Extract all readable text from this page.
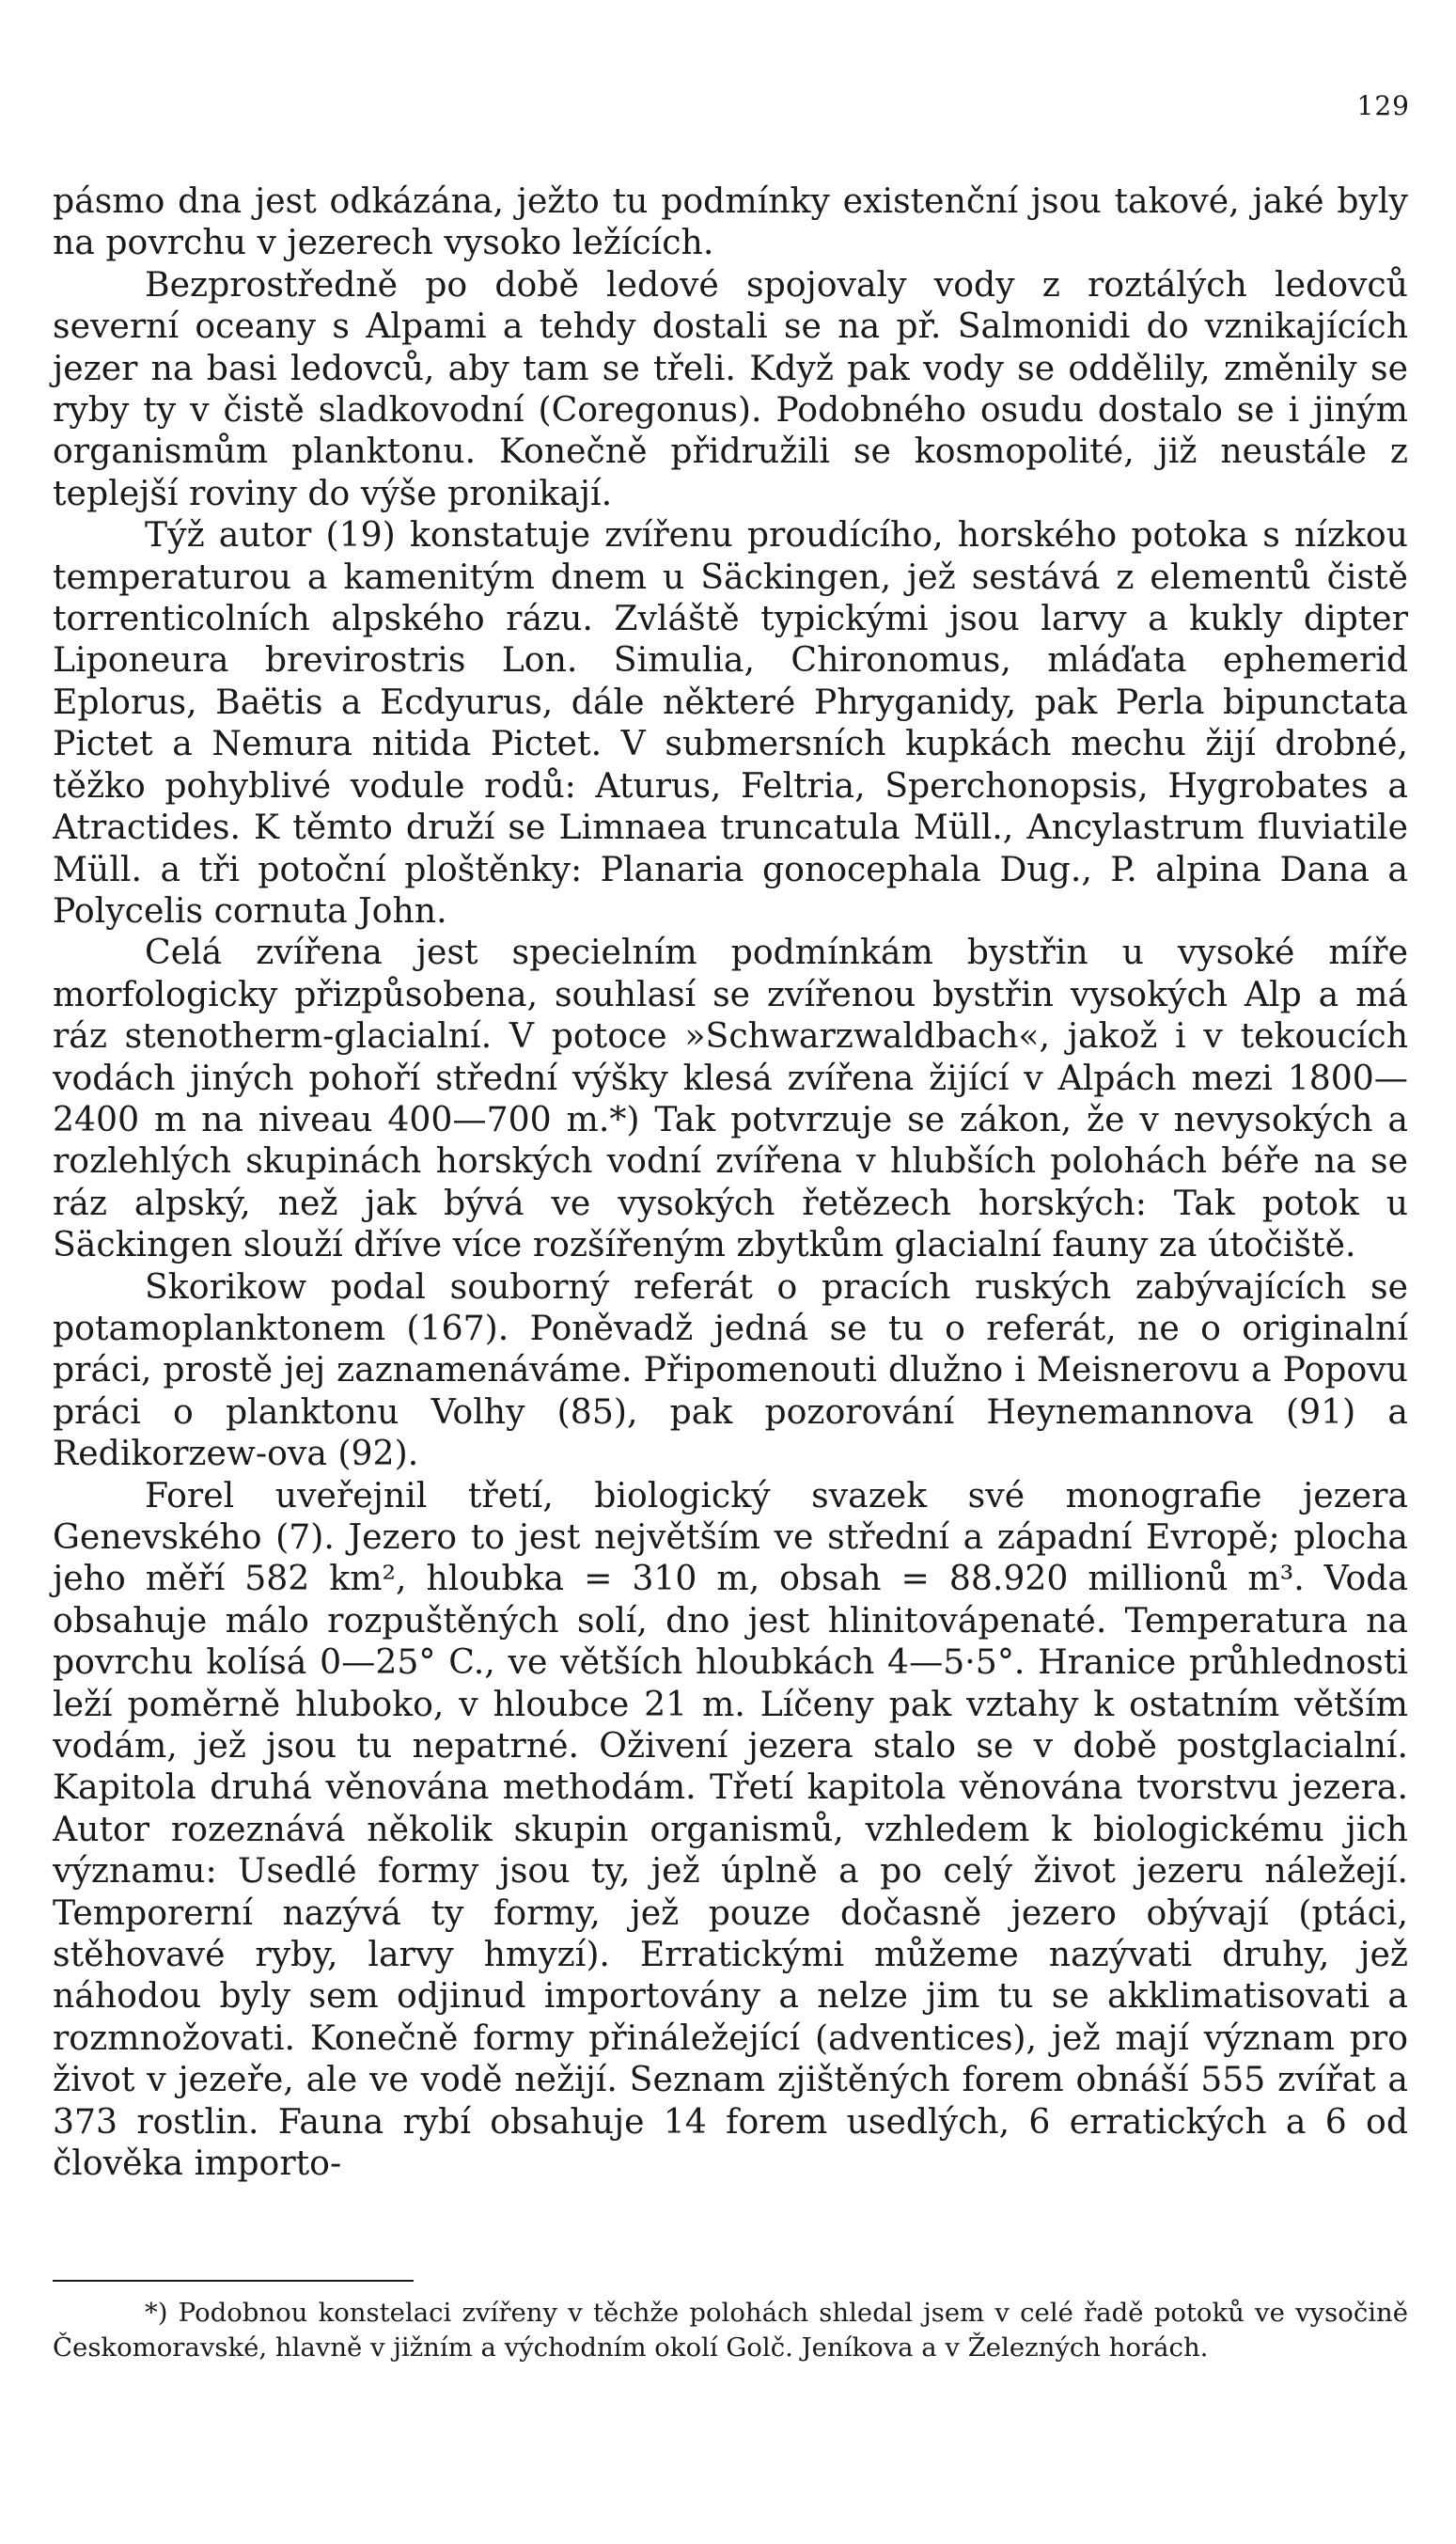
129

pásmo dna jest odkázána, ježto tu podmínky existenční jsou takové, jaké byly na povrchu v jezerech vysoko ležících.

Bezprostředně po době ledové spojovaly vody z roztálých ledovců severní oceany s Alpami a tehdy dostali se na př. Salmonidi do vznikajících jezer na basi ledovců, aby tam se třeli. Když pak vody se oddělily, změnily se ryby ty v čistě sladkovodní (Coregonus). Podobného osudu dostalo se i jiným organismům planktonu. Konečně přidružili se kosmopolité, již neustále z teplejší roviny do výše pronikají.

Týž autor (19) konstatuje zvířenu proudícího, horského potoka s nízkou temperaturou a kamenitým dnem u Säckingen, jež sestává z elementů čistě torrenticolních alpského rázu. Zvláště typickými jsou larvy a kukly dipter Liponeura brevirostris Lon. Simulia, Chironomus, mláďata ephemerid Eplorus, Baëtis a Ecdyurus, dále některé Phryganidy, pak Perla bipunctata Pictet a Nemura nitida Pictet. V submersních kupkách mechu žijí drobné, těžko pohyblivé vodule rodů: Aturus, Feltria, Sperchonopsis, Hygrobates a Atractides. K těmto druží se Limnaea truncatula Müll., Ancylastrum fluviatile Müll. a tři potoční ploštěnky: Planaria gonocephala Dug., P. alpina Dana a Polycelis cornuta John.

Celá zvířena jest specielním podmínkám bystřin u vysoké míře morfologicky přizpůsobena, souhlasí se zvířenou bystřin vysokých Alp a má ráz stenotherm-glacialní. V potoce »Schwarzwaldbach«, jakož i v tekoucích vodách jiných pohoří střední výšky klesá zvířena žijící v Alpách mezi 1800—2400 m na niveau 400—700 m.*) Tak potvrzuje se zákon, že v nevysokých a rozlehlých skupinách horských vodní zvířena v hlubších polohách béře na se ráz alpský, než jak bývá ve vysokých řetězech horských: Tak potok u Säckingen slouží dříve více rozšířeným zbytkům glacialní fauny za útočiště.

Skorikow podal souborný referát o pracích ruských zabývajících se potamoplanktonem (167). Poněvadž jedná se tu o referát, ne o originalní práci, prostě jej zaznamenáváme. Připomenouti dlužno i Meisnerovu a Popovu práci o planktonu Volhy (85), pak pozorování Heynemannova (91) a Redikorzew-ova (92).

Forel uveřejnil třetí, biologický svazek své monografie jezera Genevského (7). Jezero to jest největším ve střední a západní Evropě; plocha jeho měří 582 km², hloubka = 310 m, obsah = 88.920 millionů m³. Voda obsahuje málo rozpuštěných solí, dno jest hlinitovápenaté. Temperatura na povrchu kolísá 0—25° C., ve větších hloubkách 4—5·5°. Hranice průhlednosti leží poměrně hluboko, v hloubce 21 m. Líčeny pak vztahy k ostatním větším vodám, jež jsou tu nepatrné. Oživení jezera stalo se v době postglacialní. Kapitola druhá věnována methodám. Třetí kapitola věnována tvorstvu jezera. Autor rozeznává několik skupin organismů, vzhledem k biologickému jich významu: Usedlé formy jsou ty, jež úplně a po celý život jezeru náležejí. Temporerní nazývá ty formy, jež pouze dočasně jezero obývají (ptáci, stěhovavé ryby, larvy hmyzí). Erratickými můžeme nazývati druhy, jež náhodou byly sem odjinud importovány a nelze jim tu se akklimatisovati a rozmnožovati. Konečně formy přináležející (adventices), jež mají význam pro život v jezeře, ale ve vodě nežijí. Seznam zjištěných forem obnáší 555 zvířat a 373 rostlin. Fauna rybí obsahuje 14 forem usedlých, 6 erratických a 6 od člověka importo-

*) Podobnou konstelaci zvířeny v těchže polohách shledal jsem v celé řadě potoků ve vysočině Českomoravské, hlavně v jižním a východním okolí Golč. Jeníkova a v Železných horách.
